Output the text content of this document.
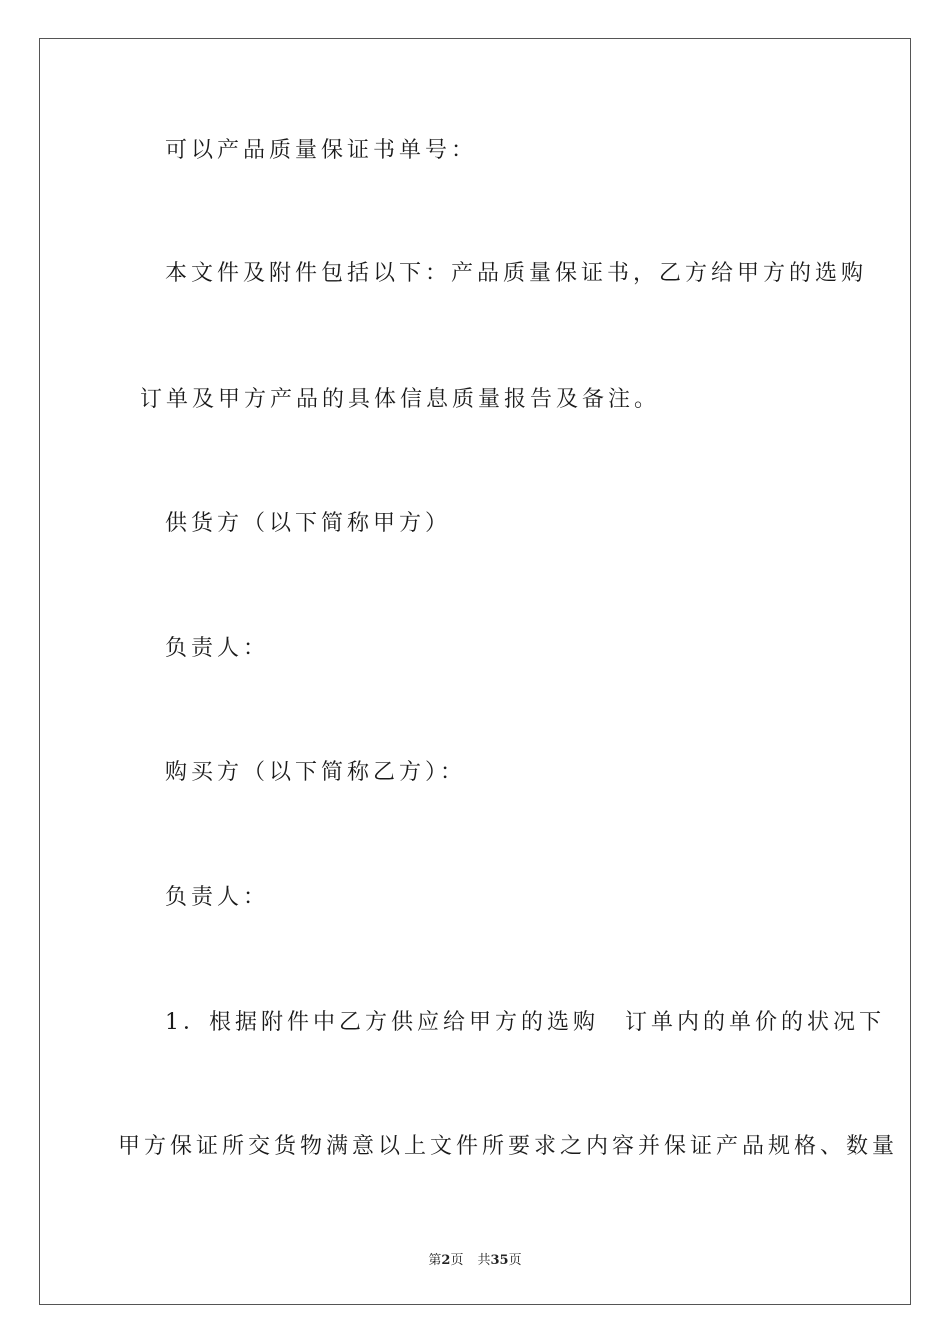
可以产品质量保证书单号：
本文件及附件包括以下：产品质量保证书，乙方给甲方的选购
订单及甲方产品的具体信息质量报告及备注。
供货方（以下简称甲方）
负责人：
购买方（以下简称乙方）：
负责人：
1．根据附件中乙方供应给甲方的选购　订单内的单价的状况下
甲方保证所交货物满意以上文件所要求之内容并保证产品规格、数量
第2页 共35页
